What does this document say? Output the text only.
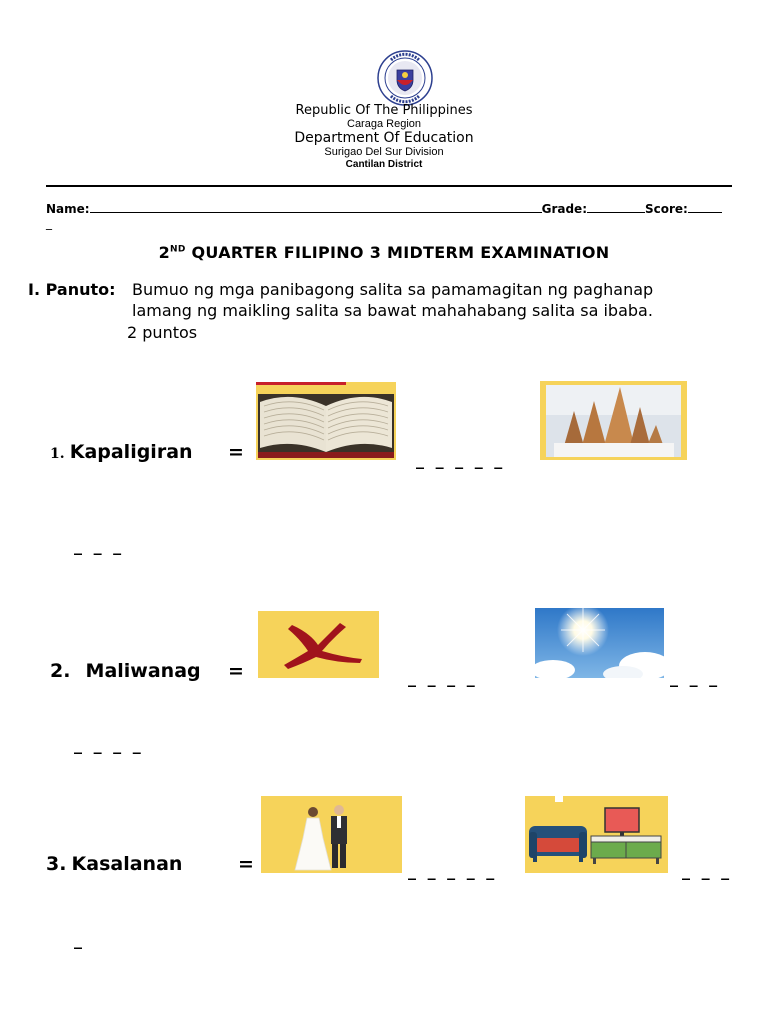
Republic Of The Philippines
Caraga Region
Department Of Education
Surigao Del Sur Division
Cantilan District
Name:	Grade:	Score:
_
2ND QUARTER FILIPINO 3 MIDTERM EXAMINATION
I. Panuto: Bumuo ng mga panibagong salita sa pamamagitan ng paghanap
lamang ng maikling salita sa bawat mahahabang salita sa ibaba.
2 puntos
1. Kapaligiran =	_ _ _ _ _
_ _ _
2. Maliwanag =	_ _ _ _	_ _ _
_ _ _ _
3. Kasalanan	=	_ _ _ _ _	_ _ _
_
